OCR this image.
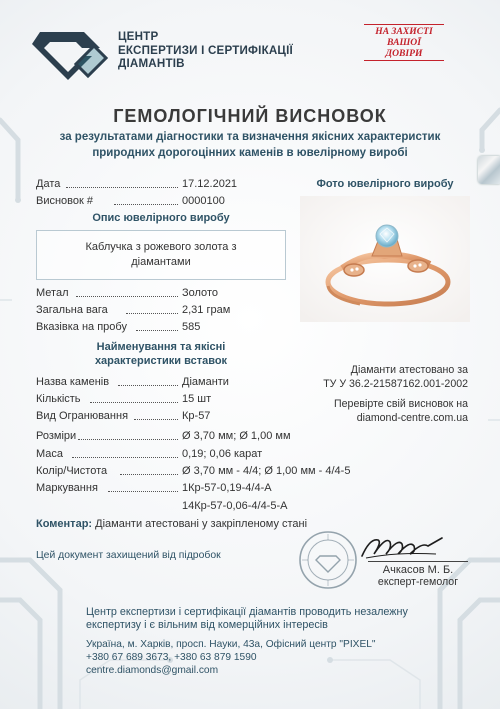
ЦЕНТР
ЕКСПЕРТИЗИ І СЕРТИФІКАЦІЇ
ДІАМАНТІВ
НА ЗАХИСТІ
ВАШОЇ
ДОВІРИ
ГЕМОЛОГІЧНИЙ ВИСНОВОК
за результатами діагностики та визначення якісних характеристик
природних дорогоцінних каменів в ювелірному виробі
Дата	17.12.2021
Висновок #	0000100
Опис ювелірного виробу
Каблучка з рожевого золота з
діамантами
Метал	Золото
Загальна вага	2,31 грам
Вказівка на пробу	585
Найменування та якісні
характеристики вставок
Назва каменів	Діаманти
Кількість	15 шт
Вид Огранювання	Кр-57
Розміри	Ø 3,70 мм; Ø 1,00 мм
Маса	0,19; 0,06 карат
Колір/Чистота	Ø 3,70 мм - 4/4; Ø 1,00 мм - 4/4-5
Маркування	1Кр-57-0,19-4/4-А
14Кр-57-0,06-4/4-5-А
Фото ювелірного виробу
Діаманти атестовано за
ТУ У 36.2-21587162.001-2002
Перевірте свій висновок на
diamond-centre.com.ua
Коментар: Діаманти атестовані у закріпленому стані
Цей документ захищений від підробок
Ачкасов М. Б.
експерт-гемолог
Центр експертизи і сертифікації діамантів проводить незалежну
експертизу і є вільним від комерційних інтересів
Україна, м. Харків, просп. Науки, 43а, Офісний центр "PIXEL"
+380 67 689 3673, +380 63 879 1590
centre.diamonds@gmail.com
